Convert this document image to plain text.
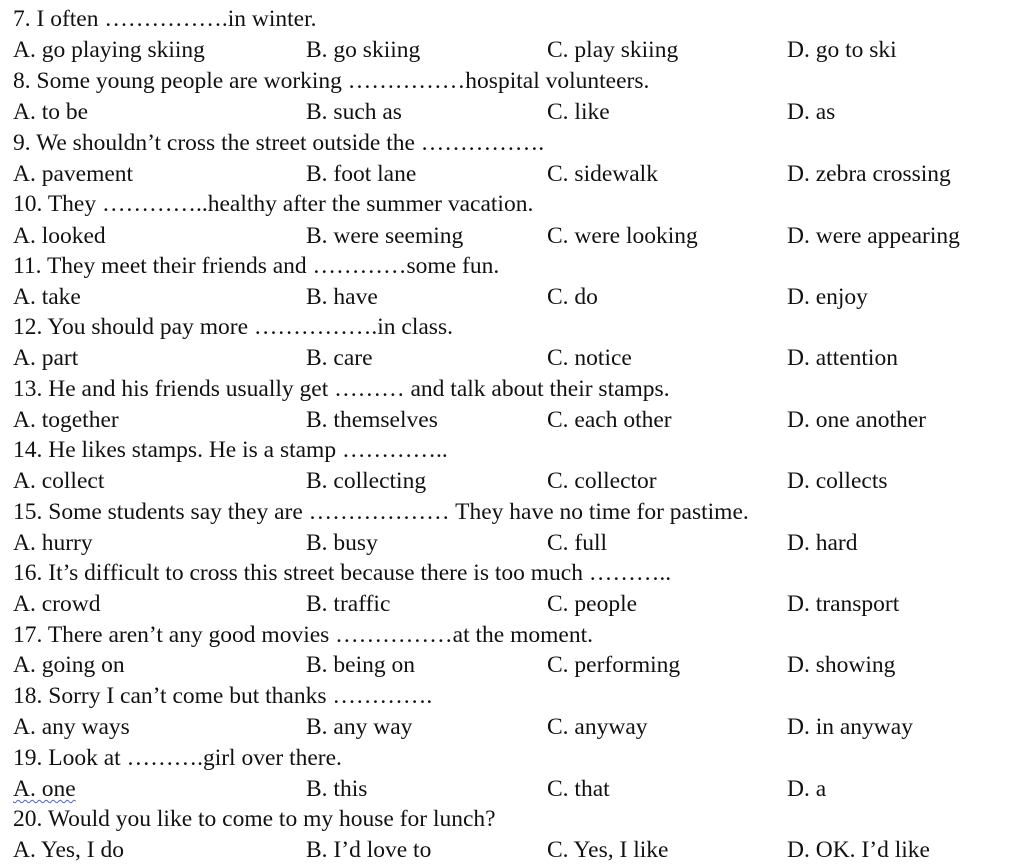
7. I often …………….in winter.
A. go playing skiing	B. go skiing	C. play skiing	D. go to ski
8. Some young people are working ……………hospital volunteers.
A. to be	B. such as	C. like	D. as
9. We shouldn’t cross the street outside the …………….
A. pavement	B. foot lane	C. sidewalk	D. zebra crossing
10. They …………..healthy after the summer vacation.
A. looked	B. were seeming	C. were looking	D. were appearing
11. They meet their friends and …………some fun.
A. take	B. have	C. do	D. enjoy
12. You should pay more …………….in class.
A. part	B. care	C. notice	D. attention
13. He and his friends usually get ……… and talk about their stamps.
A. together	B. themselves	C. each other	D. one another
14. He likes stamps. He is a stamp …………..
A. collect	B. collecting	C. collector	D. collects
15. Some students say they are ……………… They have no time for pastime.
A. hurry	B. busy	C. full	D. hard
16. It’s difficult to cross this street because there is too much ………..
A. crowd	B. traffic	C. people	D. transport
17. There aren’t any good movies ……………at the moment.
A. going on	B. being on	C. performing	D. showing
18. Sorry I can’t come but thanks ………….
A. any ways	B. any way	C. anyway	D. in anyway
19. Look at ……….girl over there.
A. one	B. this	C. that	D. a
20. Would you like to come to my house for lunch?
A. Yes, I do	B. I’d love to	C. Yes, I like	D. OK. I’d like
